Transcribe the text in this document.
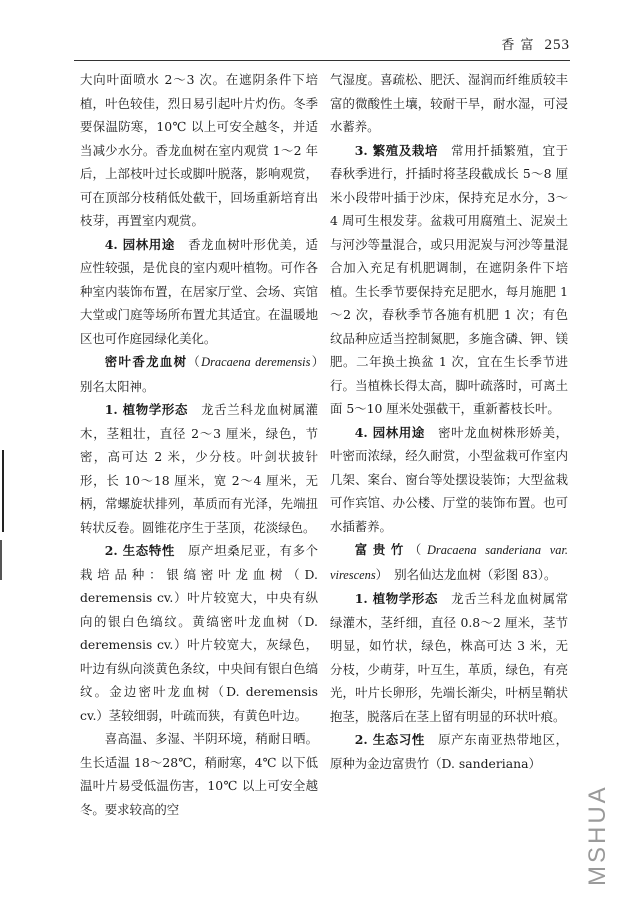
香 富 253

大向叶面喷水 2～3 次。在遮阴条件下培植，叶色较佳，烈日易引起叶片灼伤。冬季要保温防寒，10℃ 以上可安全越冬，并适当减少水分。香龙血树在室内观赏 1～2 年后，上部枝叶过长或脚叶脱落，影响观赏，可在顶部分枝稍低处截干，回场重新培育出枝芽，再置室内观赏。

4. 园林用途　 香龙血树叶形优美，适应性较强，是优良的室内观叶植物。可作各种室内装饰布置，在居家厅堂、会场、宾馆大堂或门庭等场所布置尤其适宜。在温暖地区也可作庭园绿化美化。

密叶香龙血树（Dracaena deremensis）　别名太阳神。

1. 植物学形态　 龙舌兰科龙血树属灌木，茎粗壮，直径 2～3 厘米，绿色，节密，高可达 2 米，少分枝。叶剑状披针形，长 10～18 厘米，宽 2～4 厘米，无柄，常螺旋状排列，革质而有光泽，先端扭转状反卷。圆锥花序生于茎顶，花淡绿色。

2. 生态特性　 原产坦桑尼亚，有多个栽培品种：银缟密叶龙血树（D. deremensis cv.）叶片较宽大，中央有纵向的银白色缟纹。黄缟密叶龙血树（D. deremensis cv.）叶片较宽大，灰绿色，叶边有纵向淡黄色条纹，中央间有银白色缟纹。金边密叶龙血树（D. deremensis cv.）茎较细弱，叶疏而狭，有黄色叶边。

喜高温、多湿、半阴环境，稍耐日晒。生长适温 18～28℃，稍耐寒，4℃ 以下低温叶片易受低温伤害，10℃ 以上可安全越冬。要求较高的空

气湿度。喜疏松、肥沃、湿润而纤维质较丰富的微酸性土壤，较耐干旱，耐水湿，可浸水蓄养。

3. 繁殖及栽培　 常用扦插繁殖，宜于春秋季进行，扦插时将茎段截成长 5～8 厘米小段带叶插于沙床，保持充足水分，3～4 周可生根发芽。盆栽可用腐殖土、泥炭土与河沙等量混合，或只用泥炭与河沙等量混合加入充足有机肥调制，在遮阴条件下培植。生长季节要保持充足肥水，每月施肥 1～2 次，春秋季节各施有机肥 1 次；有色纹品种应适当控制氮肥，多施含磷、钾、镁肥。二年换土换盆 1 次，宜在生长季节进行。当植株长得太高，脚叶疏落时，可离土面 5～10 厘米处强截干，重新蓄枝长叶。

4. 园林用途　 密叶龙血树株形娇美，叶密而浓绿，经久耐赏，小型盆栽可作室内几架、案台、窗台等处摆设装饰；大型盆栽可作宾馆、办公楼、厅堂的装饰布置。也可水插蓄养。

富贵竹（Dracaena sanderiana var. virescens）　别名仙达龙血树（彩图 83）。

1. 植物学形态　 龙舌兰科龙血树属常绿灌木，茎纤细，直径 0.8～2 厘米，茎节明显，如竹状，绿色，株高可达 3 米，无分枝，少萌芽，叶互生，革质，绿色，有亮光，叶片长卵形，先端长渐尖，叶柄呈鞘状抱茎，脱落后在茎上留有明显的环状叶痕。

2. 生态习性　 原产东南亚热带地区，原种为金边富贵竹（D. sanderiana）

MSHUA
